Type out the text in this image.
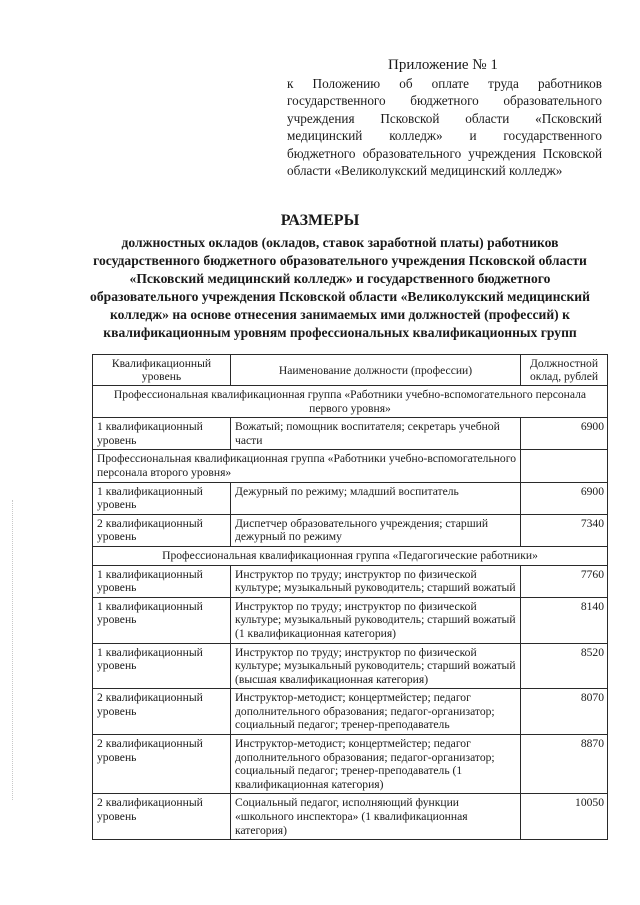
Приложение № 1

к Положению об оплате труда работников государственного бюджетного образовательного учреждения Псковской области «Псковский медицинский колледж» и государственного бюджетного образовательного учреждения Псковской области «Великолукский медицинский колледж»

РАЗМЕРЫ

должностных окладов (окладов, ставок заработной платы) работников государственного бюджетного образовательного учреждения Псковской области «Псковский медицинский колледж» и государственного бюджетного образовательного учреждения Псковской области «Великолукский медицинский колледж» на основе отнесения занимаемых ими должностей (профессий) к квалификационным уровням профессиональных квалификационных групп

Квалификационный уровень	Наименование должности (профессии)	Должностной оклад, рублей
Профессиональная квалификационная группа «Работники учебно-вспомогательного персонала первого уровня»		
1 квалификационный уровень	Вожатый; помощник воспитателя; секретарь учебной части	6900
Профессиональная квалификационная группа «Работники учебно-вспомогательного персонала второго уровня»		
1 квалификационный уровень	Дежурный по режиму; младший воспитатель	6900
2 квалификационный уровень	Диспетчер образовательного учреждения; старший дежурный по режиму	7340
Профессиональная квалификационная группа «Педагогические работники»		
1 квалификационный уровень	Инструктор по труду; инструктор по физической культуре; музыкальный руководитель; старший вожатый	7760
1 квалификационный уровень	Инструктор по труду; инструктор по физической культуре; музыкальный руководитель; старший вожатый (1 квалификационная категория)	8140
1 квалификационный уровень	Инструктор по труду; инструктор по физической культуре; музыкальный руководитель; старший вожатый (высшая квалификационная категория)	8520
2 квалификационный уровень	Инструктор-методист; концертмейстер; педагог дополнительного образования; педагог-организатор; социальный педагог; тренер-преподаватель	8070
2 квалификационный уровень	Инструктор-методист; концертмейстер; педагог дополнительного образования; педагог-организатор; социальный педагог; тренер-преподаватель (1 квалификационная категория)	8870
2 квалификационный уровень	Социальный педагог, исполняющий функции «школьного инспектора» (1 квалификационная категория)	10050
